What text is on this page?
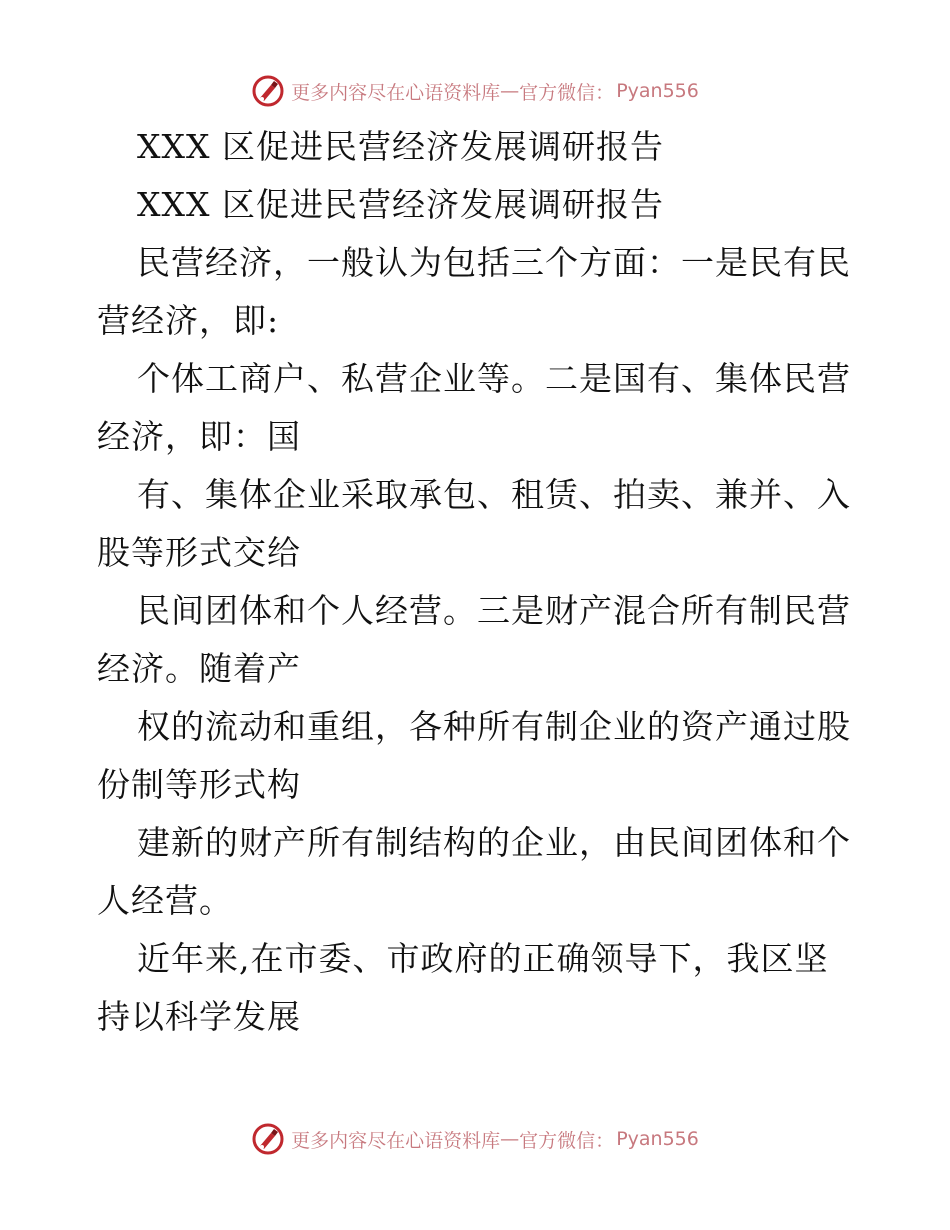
更多内容尽在心语资料库 — 官方微信： Pyan556

XXX 区促进民营经济发展调研报告

XXX 区促进民营经济发展调研报告

民营经济，一般认为包括三个方面：一是民有民营经济，即:

个体工商户、私营企业等。二是国有、集体民营经济，即：国

有、集体企业采取承包、租赁、拍卖、兼并、入股等形式交给

民间团体和个人经营。三是财产混合所有制民营经济。随着产

权的流动和重组，各种所有制企业的资产通过股份制等形式构

建新的财产所有制结构的企业，由民间团体和个人经营。

近年来,在市委、市政府的正确领导下，我区坚持以科学发展

更多内容尽在心语资料库 — 官方微信： Pyan556
